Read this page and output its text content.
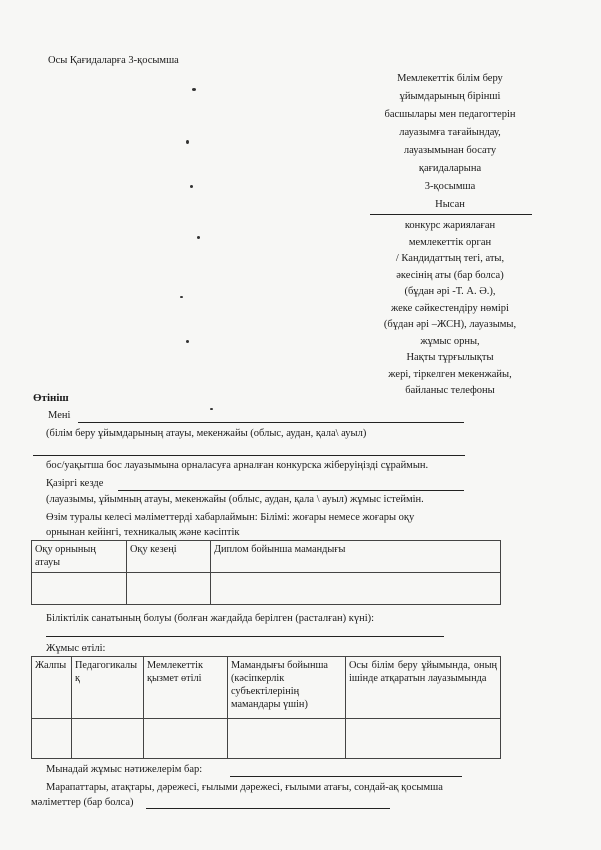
Осы Қағидаларға 3-қосымша
Мемлекеттік білім беру
ұйымдарының бірінші
басшылары мен педагогтерін
лауазымға тағайындау,
лауазымынан босату
қағидаларына
3-қосымша
Нысан
конкурс жариялаған
мемлекеттік орган
/ Кандидаттың тегі, аты,
әкесінің аты (бар болса)
(бұдан әрі -Т. А. Ә.),
жеке сәйкестендіру нөмірі
(бұдан әрі –ЖСН), лауазымы,
жұмыс орны,
Нақты тұрғылықты
жері, тіркелген мекенжайы,
байланыс телефоны
Өтініш
Мені
(білім беру ұйымдарының атауы, мекенжайы (облыс, аудан, қала\ ауыл)
бос/уақытша бос лауазымына орналасуға арналған конкурска жіберуіңізді сұраймын.
Қазіргі кезде
(лауазымы, ұйымның атауы, мекенжайы (облыс, аудан, қала \ ауыл) жұмыс істеймін.
Өзім туралы келесі мәліметтерді хабарлаймын: Білімі: жоғары немесе жоғары оқу
орнынан кейінгі, техникалық және кәсіптік
Оқу орнының атауы	Оқу кезеңі	Диплом бойынша мамандығы

Біліктілік санатының болуы (болған жағдайда берілген (расталған) күні):
Жұмыс өтілі:
Жалпы	Педагогикалық	Мемлекеттік қызмет өтілі	Мамандығы бойынша (кәсіпкерлік субъектілерінің мамандары үшін)	Осы білім беру ұйымында, оның ішінде атқаратын лауазымында

Мынадай жұмыс нәтижелерім бар:
Марапаттары, атақтары, дәрежесі, ғылыми дәрежесі, ғылыми атағы, сондай-ақ қосымша
мәліметтер (бар болса)
